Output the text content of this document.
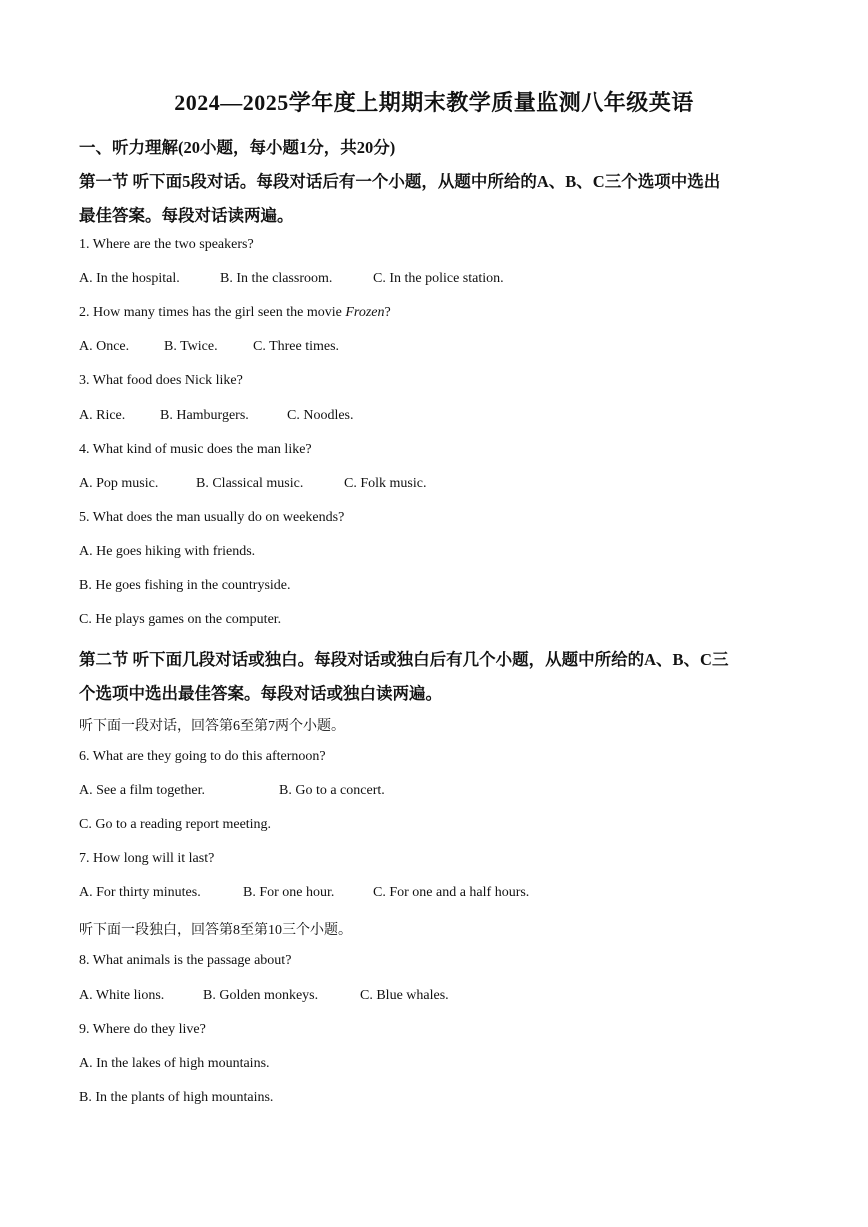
2024—2025学年度上期期末教学质量监测八年级英语
一、听力理解(20小题，每小题1分，共20分)
第一节 听下面5段对话。每段对话后有一个小题，从题中所给的A、B、C三个选项中选出
最佳答案。每段对话读两遍。
1. Where are the two speakers?
A. In the hospital.	B. In the classroom.	C. In the police station.
2. How many times has the girl seen the movie Frozen?
A. Once. B. Twice.	C. Three times.
3. What food does Nick like?
A. Rice. B. Hamburgers.	C. Noodles.
4. What kind of music does the man like?
A. Pop music.	B. Classical music.	C. Folk music.
5. What does the man usually do on weekends?
A. He goes hiking with friends.
B. He goes fishing in the countryside.
C. He plays games on the computer.
第二节 听下面几段对话或独白。每段对话或独白后有几个小题，从题中所给的A、B、C三
个选项中选出最佳答案。每段对话或独白读两遍。
听下面一段对话，回答第6至第7两个小题。
6. What are they going to do this afternoon?
A. See a film together.	B. Go to a concert.
C. Go to a reading report meeting.
7. How long will it last?
A. For thirty minutes.	B. For one hour.	C. For one and a half hours.
听下面一段独白，回答第8至第10三个小题。
8. What animals is the passage about?
A. White lions.	B. Golden monkeys.	C. Blue whales.
9. Where do they live?
A. In the lakes of high mountains.
B. In the plants of high mountains.
